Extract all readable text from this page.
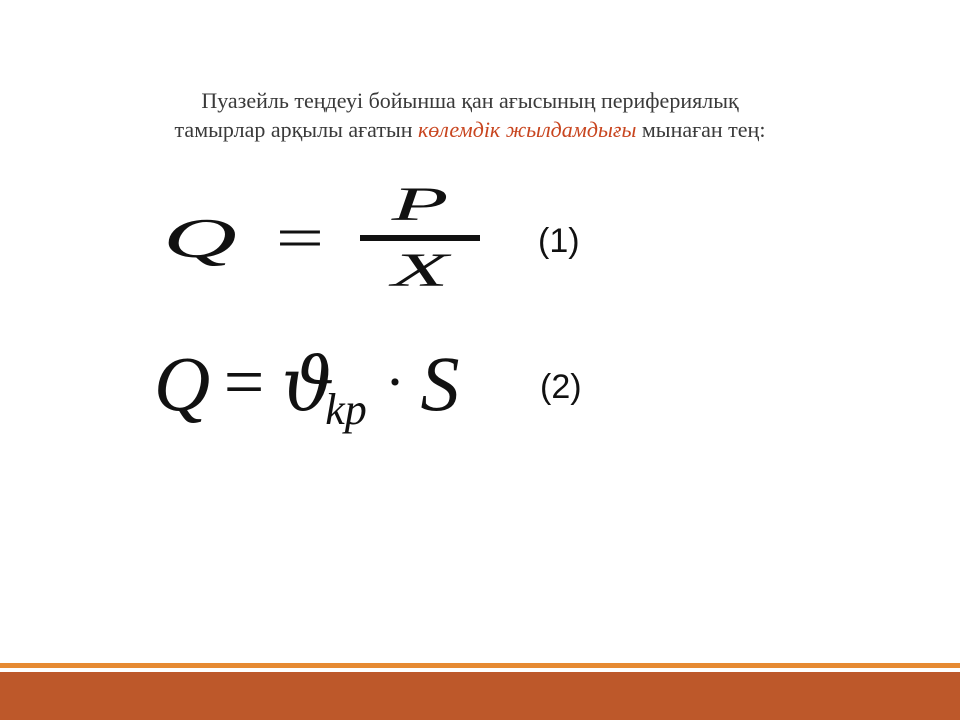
Пуазейль теңдеуі бойынша қан ағысының перифериялық
тамырлар арқылы ағатын көлемдік жылдамдығы мынаған тең:
Q =
P
X
(1)
Q = ϑ
kp · S (2)
